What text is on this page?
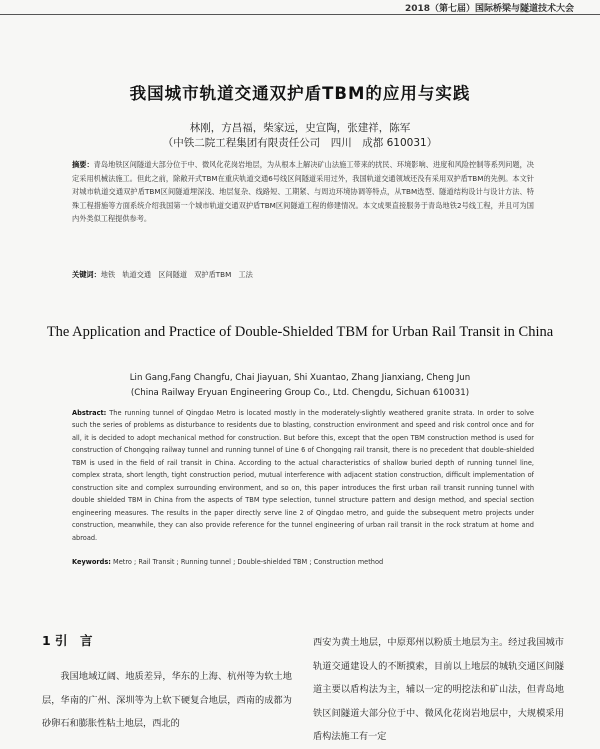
2018（第七届）国际桥梁与隧道技术大会
我国城市轨道交通双护盾TBM的应用与实践
林刚，方昌福，柴家远，史宣陶，张建祥，陈军
（中铁二院工程集团有限责任公司　四川　成都 610031）
摘要：青岛地铁区间隧道大部分位于中、微风化花岗岩地层，为从根本上解决矿山法施工带来的扰民、环境影响、进度和风险控制等系列问题，决定采用机械法施工。但此之前，除敞开式TBM在重庆轨道交通6号线区间隧道采用过外，我国轨道交通领域还没有采用双护盾TBM的先例。本文针对城市轨道交通双护盾TBM区间隧道埋深浅、地层复杂、线路短、工期紧、与周边环境协调等特点，从TBM选型、隧道结构设计与设计方法、特殊工程措施等方面系统介绍我国第一个城市轨道交通双护盾TBM区间隧道工程的修建情况。本文成果直接服务于青岛地铁2号线工程，并且可为国内外类似工程提供参考。
关键词：地铁　轨道交通　区间隧道　双护盾TBM　工法
The Application and Practice of Double-Shielded TBM for Urban Rail Transit in China
Lin Gang,Fang Changfu, Chai Jiayuan, Shi Xuantao, Zhang Jianxiang, Cheng Jun
(China Railway Eryuan Engineering Group Co., Ltd. Chengdu, Sichuan 610031)
Abstract: The running tunnel of Qingdao Metro is located mostly in the moderately-slightly weathered granite strata. In order to solve such the series of problems as disturbance to residents due to blasting, construction environment and speed and risk control once and for all, it is decided to adopt mechanical method for construction. But before this, except that the open TBM construction method is used for construction of Chongqing railway tunnel and running tunnel of Line 6 of Chongqing rail transit, there is no precedent that double-shielded TBM is used in the field of rail transit in China. According to the actual characteristics of shallow buried depth of running tunnel line, complex strata, short length, tight construction period, mutual interference with adjacent station construction, difficult implementation of construction site and complex surrounding environment, and so on, this paper introduces the first urban rail transit running tunnel with double shielded TBM in China from the aspects of TBM type selection, tunnel structure pattern and design method, and special section engineering measures. The results in the paper directly serve line 2 of Qingdao metro, and guide the subsequent metro projects under construction, meanwhile, they can also provide reference for the tunnel engineering of urban rail transit in the rock stratum at home and abroad.
Keywords: Metro ; Rail Transit ; Running tunnel ; Double-shielded TBM ; Construction method
1 引　言
我国地域辽阔、地质差异，华东的上海、杭州等为软土地层，华南的广州、深圳等为上软下硬复合地层，西南的成都为砂卵石和膨胀性粘土地层，西北的
西安为黄土地层，中原郑州以粉质土地层为主。经过我国城市轨道交通建设人的不断摸索，目前以上地层的城轨交通区间隧道主要以盾构法为主，辅以一定的明挖法和矿山法，但青岛地铁区间隧道大部分位于中、微风化花岗岩地层中，大规模采用盾构法施工有一定
